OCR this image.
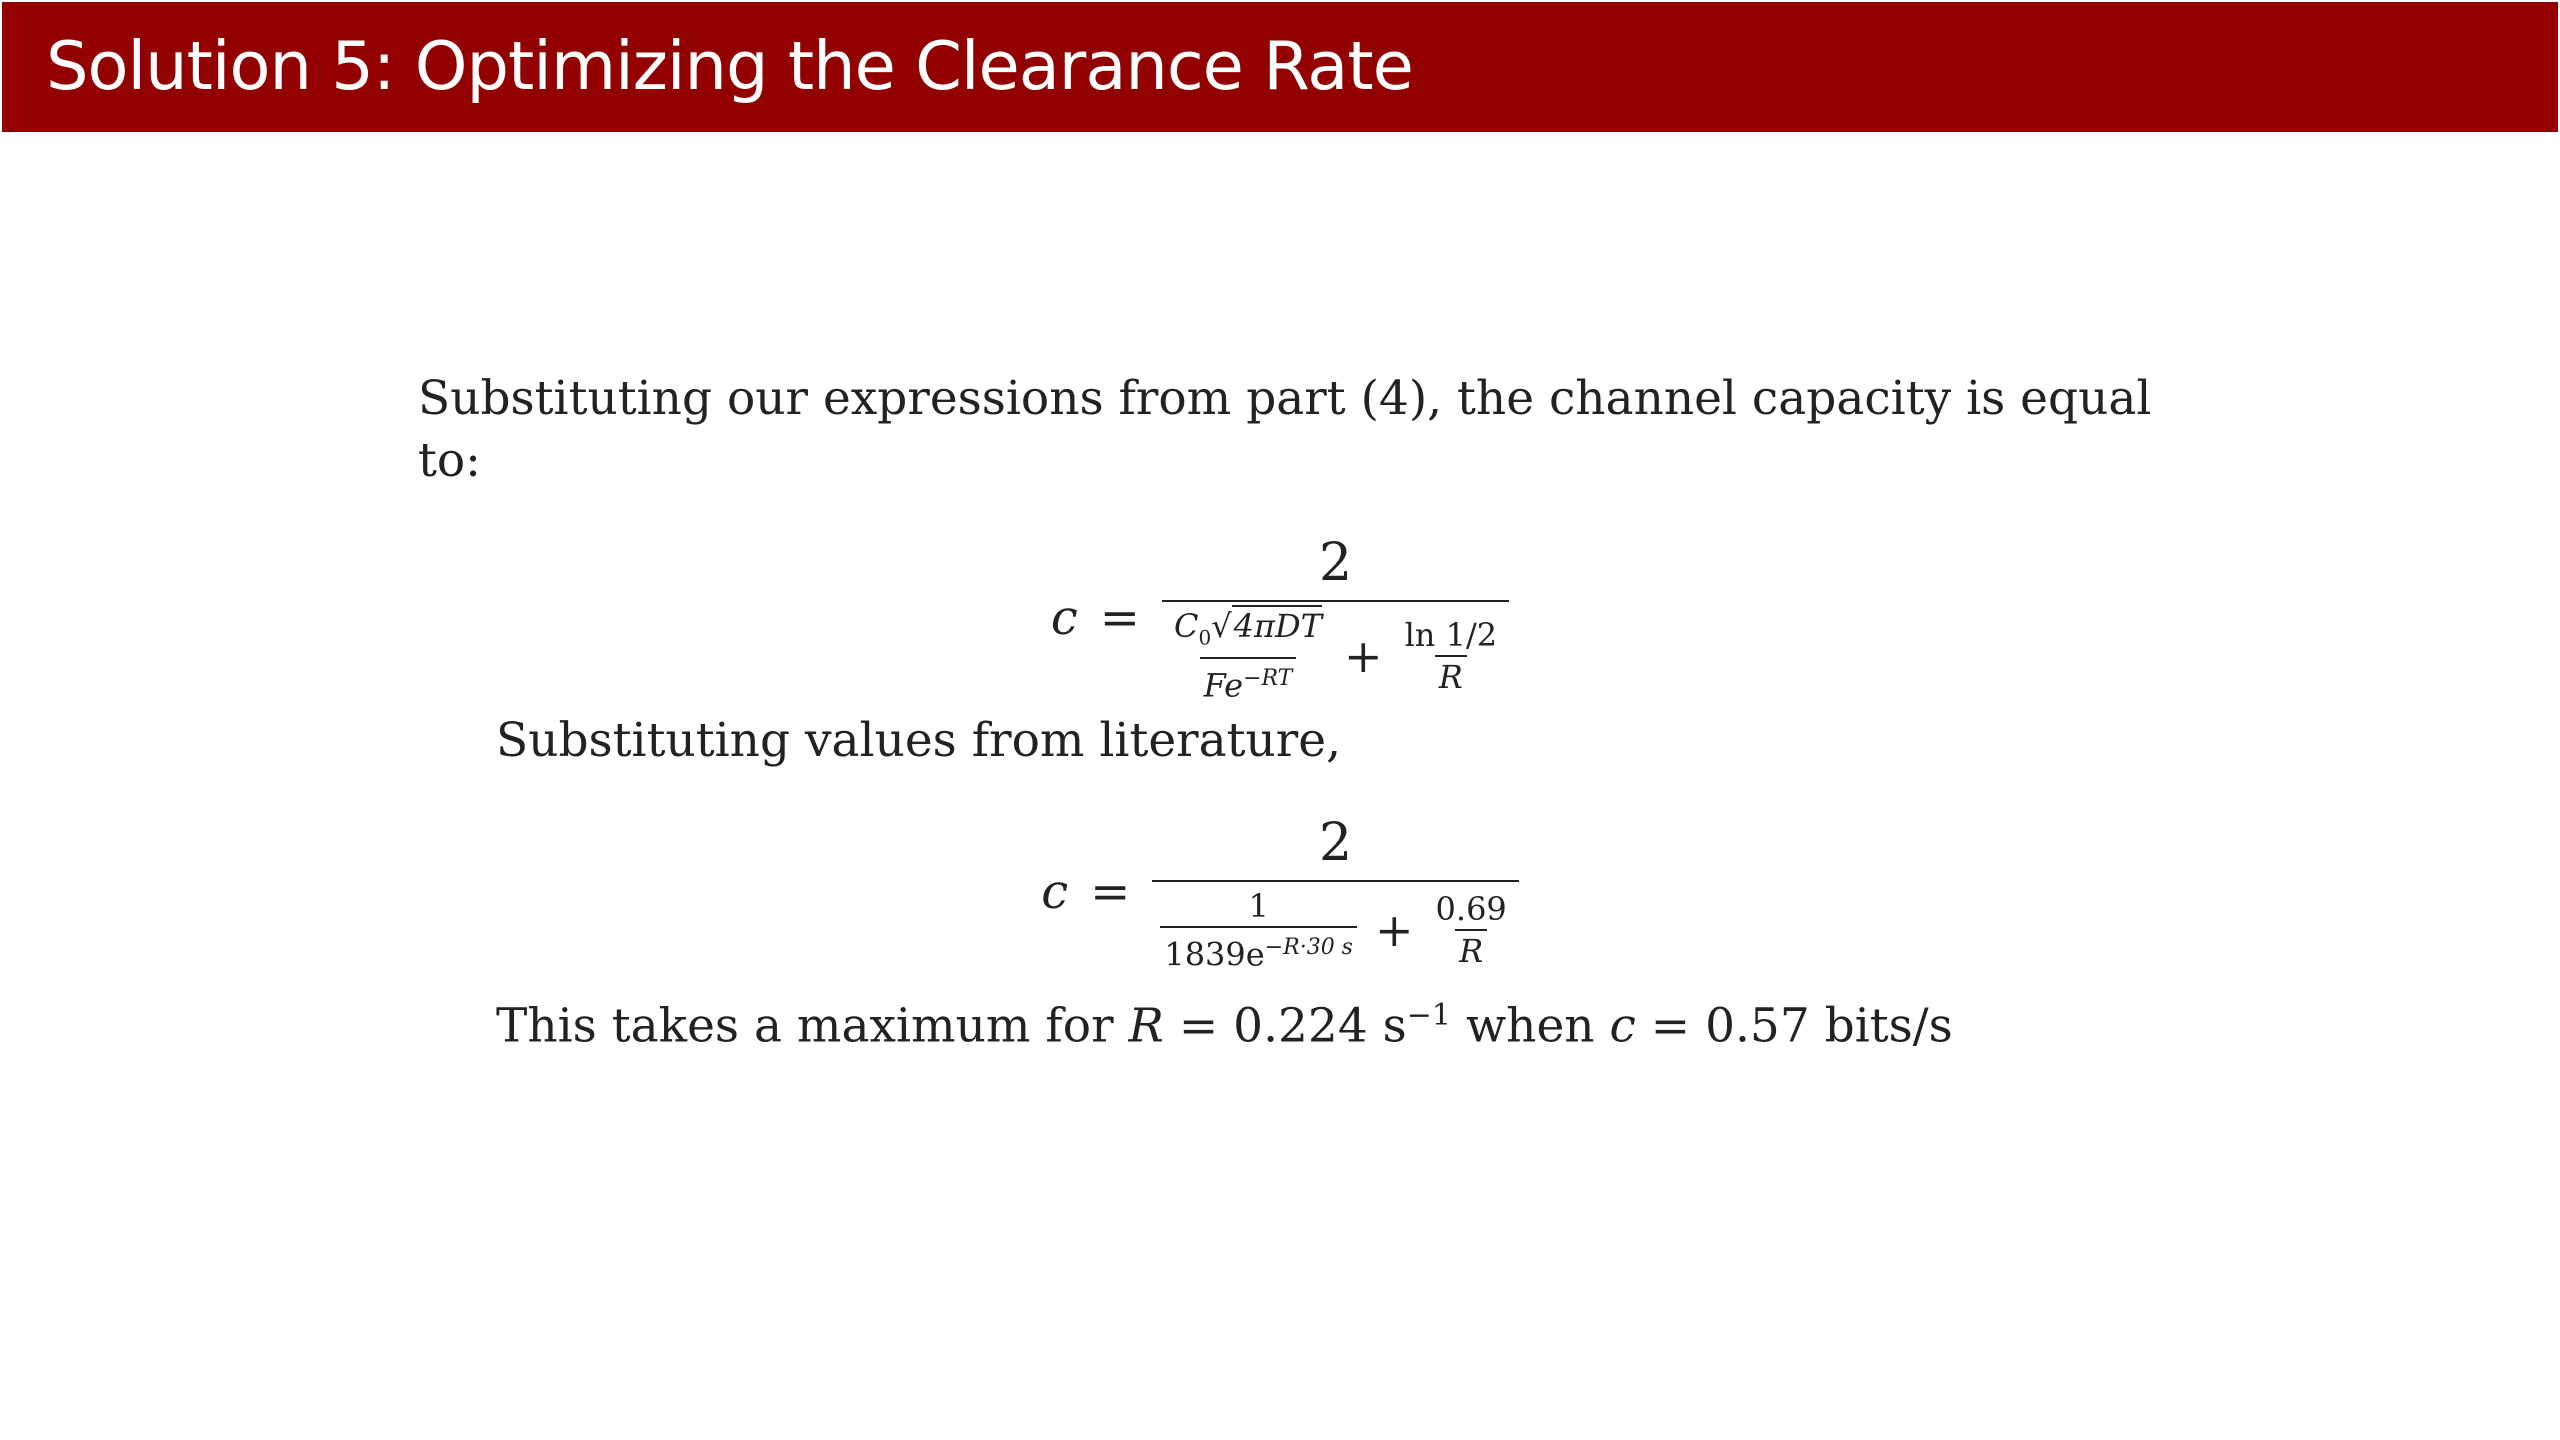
Solution 5: Optimizing the Clearance Rate
Substituting our expressions from part (4), the channel capacity is equal
to:
c =
2
$\frac{C_0√4\pi DT}{Fe^{-RT}} + \frac{\ln 1/2}{R}$
Substituting values from literature,
c =
2
$\frac{1}{1839e^{-R\cdot 30 s}} + \frac{0.69}{R}$
This takes a maximum for R = 0.224 $s^{-1}$ when c = 0.57 bits/s
